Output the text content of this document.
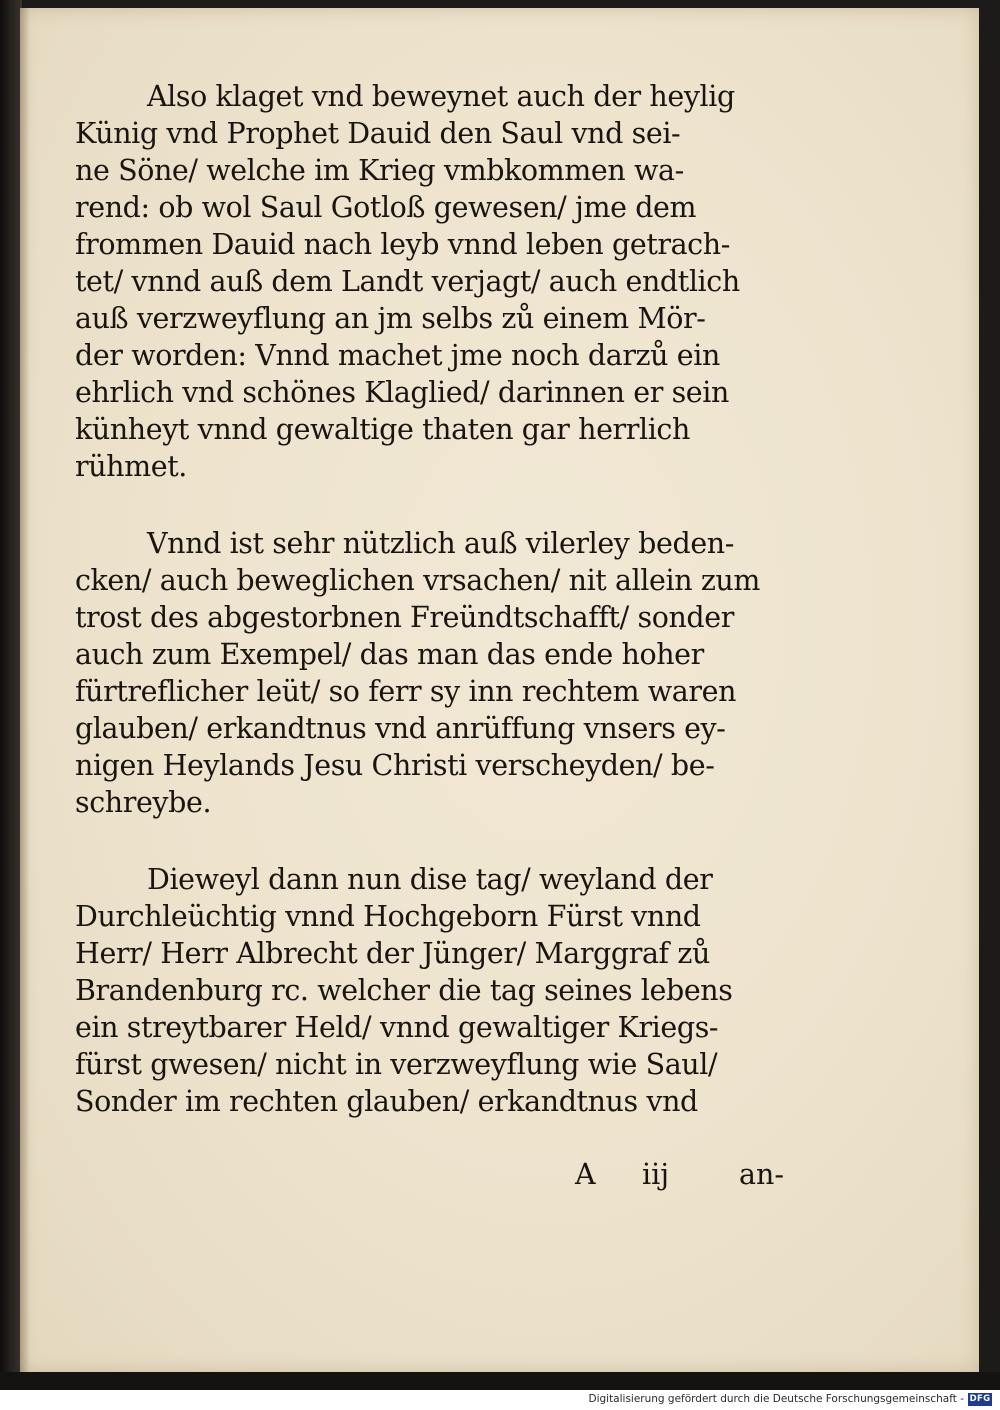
Also klaget vnd beweynet auch der heylig
Künig vnd Prophet Dauid den Saul vnd sei-
ne Söne/ welche im Krieg vmbkommen wa-
rend: ob wol Saul Gotloß gewesen/ jme dem
frommen Dauid nach leyb vnnd leben getrach-
tet/ vnnd auß dem Landt verjagt/ auch endtlich
auß verzweyflung an jm selbs zů einem Mör-
der worden: Vnnd machet jme noch darzů ein
ehrlich vnd schönes Klaglied/ darinnen er sein
künheyt vnnd gewaltige thaten gar herrlich
rühmet.

Vnnd ist sehr nützlich auß vilerley beden-
cken/ auch beweglichen vrsachen/ nit allein zum
trost des abgestorbnen Freündtschafft/ sonder
auch zum Exempel/ das man das ende hoher
fürtreflicher leüt/ so ferr sy inn rechtem waren
glauben/ erkandtnus vnd anrüffung vnsers ey-
nigen Heylands Jesu Christi verscheyden/ be-
schreybe.

Dieweyl dann nun dise tag/ weyland der
Durchleüchtig vnnd Hochgeborn Fürst vnnd
Herr/ Herr Albrecht der Jünger/ Marggraf zů
Brandenburg rc. welcher die tag seines lebens
ein streytbarer Held/ vnnd gewaltiger Kriegs-
fürst gwesen/ nicht in verzweyflung wie Saul/
Sonder im rechten glauben/ erkandtnus vnd

A iij an-
Digitalisierung gefördert durch die Deutsche Forschungsgemeinschaft - DFG
